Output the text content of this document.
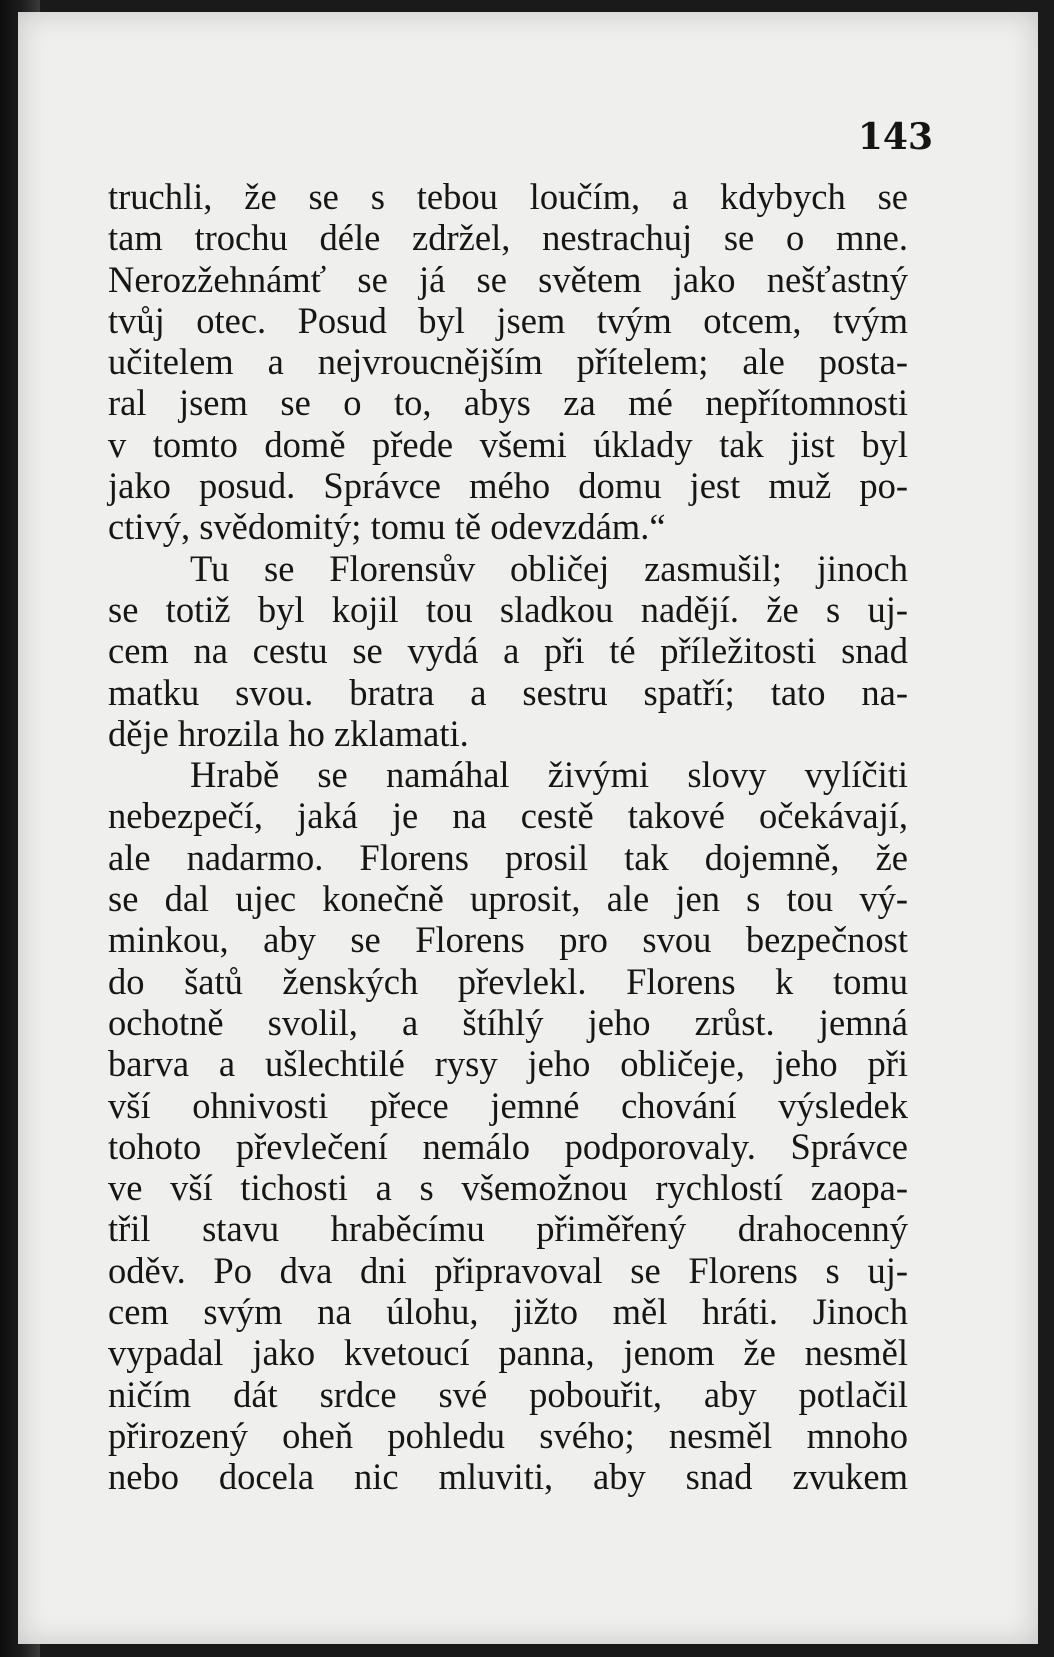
143

truchli, že se s tebou loučím, a kdybych se
tam trochu déle zdržel, nestrachuj se o mne.
Nerozžehnámť se já se světem jako nešťastný
tvůj otec. Posud byl jsem tvým otcem, tvým
učitelem a nejvroucnějším přítelem; ale posta-
ral jsem se o to, abys za mé nepřítomnosti
v tomto domě přede všemi úklady tak jist byl
jako posud. Správce mého domu jest muž po-
ctivý, svědomitý; tomu tě odevzdám.“
Tu se Florensův obličej zasmušil; jinoch
se totiž byl kojil tou sladkou nadějí. že s uj-
cem na cestu se vydá a při té příležitosti snad
matku svou. bratra a sestru spatří; tato na-
děje hrozila ho zklamati.
Hrabě se namáhal živými slovy vylíčiti
nebezpečí, jaká je na cestě takové očekávají,
ale nadarmo. Florens prosil tak dojemně, že
se dal ujec konečně uprosit, ale jen s tou vý-
minkou, aby se Florens pro svou bezpečnost
do šatů ženských převlekl. Florens k tomu
ochotně svolil, a štíhlý jeho zrůst. jemná
barva a ušlechtilé rysy jeho obličeje, jeho při
vší ohnivosti přece jemné chování výsledek
tohoto převlečení nemálo podporovaly. Správce
ve vší tichosti a s všemožnou rychlostí zaopa-
třil stavu hraběcímu přiměřený drahocenný
oděv. Po dva dni připravoval se Florens s uj-
cem svým na úlohu, jižto měl hráti. Jinoch
vypadal jako kvetoucí panna, jenom že nesměl
ničím dát srdce své pobouřit, aby potlačil
přirozený oheň pohledu svého; nesměl mnoho
nebo docela nic mluviti, aby snad zvukem
